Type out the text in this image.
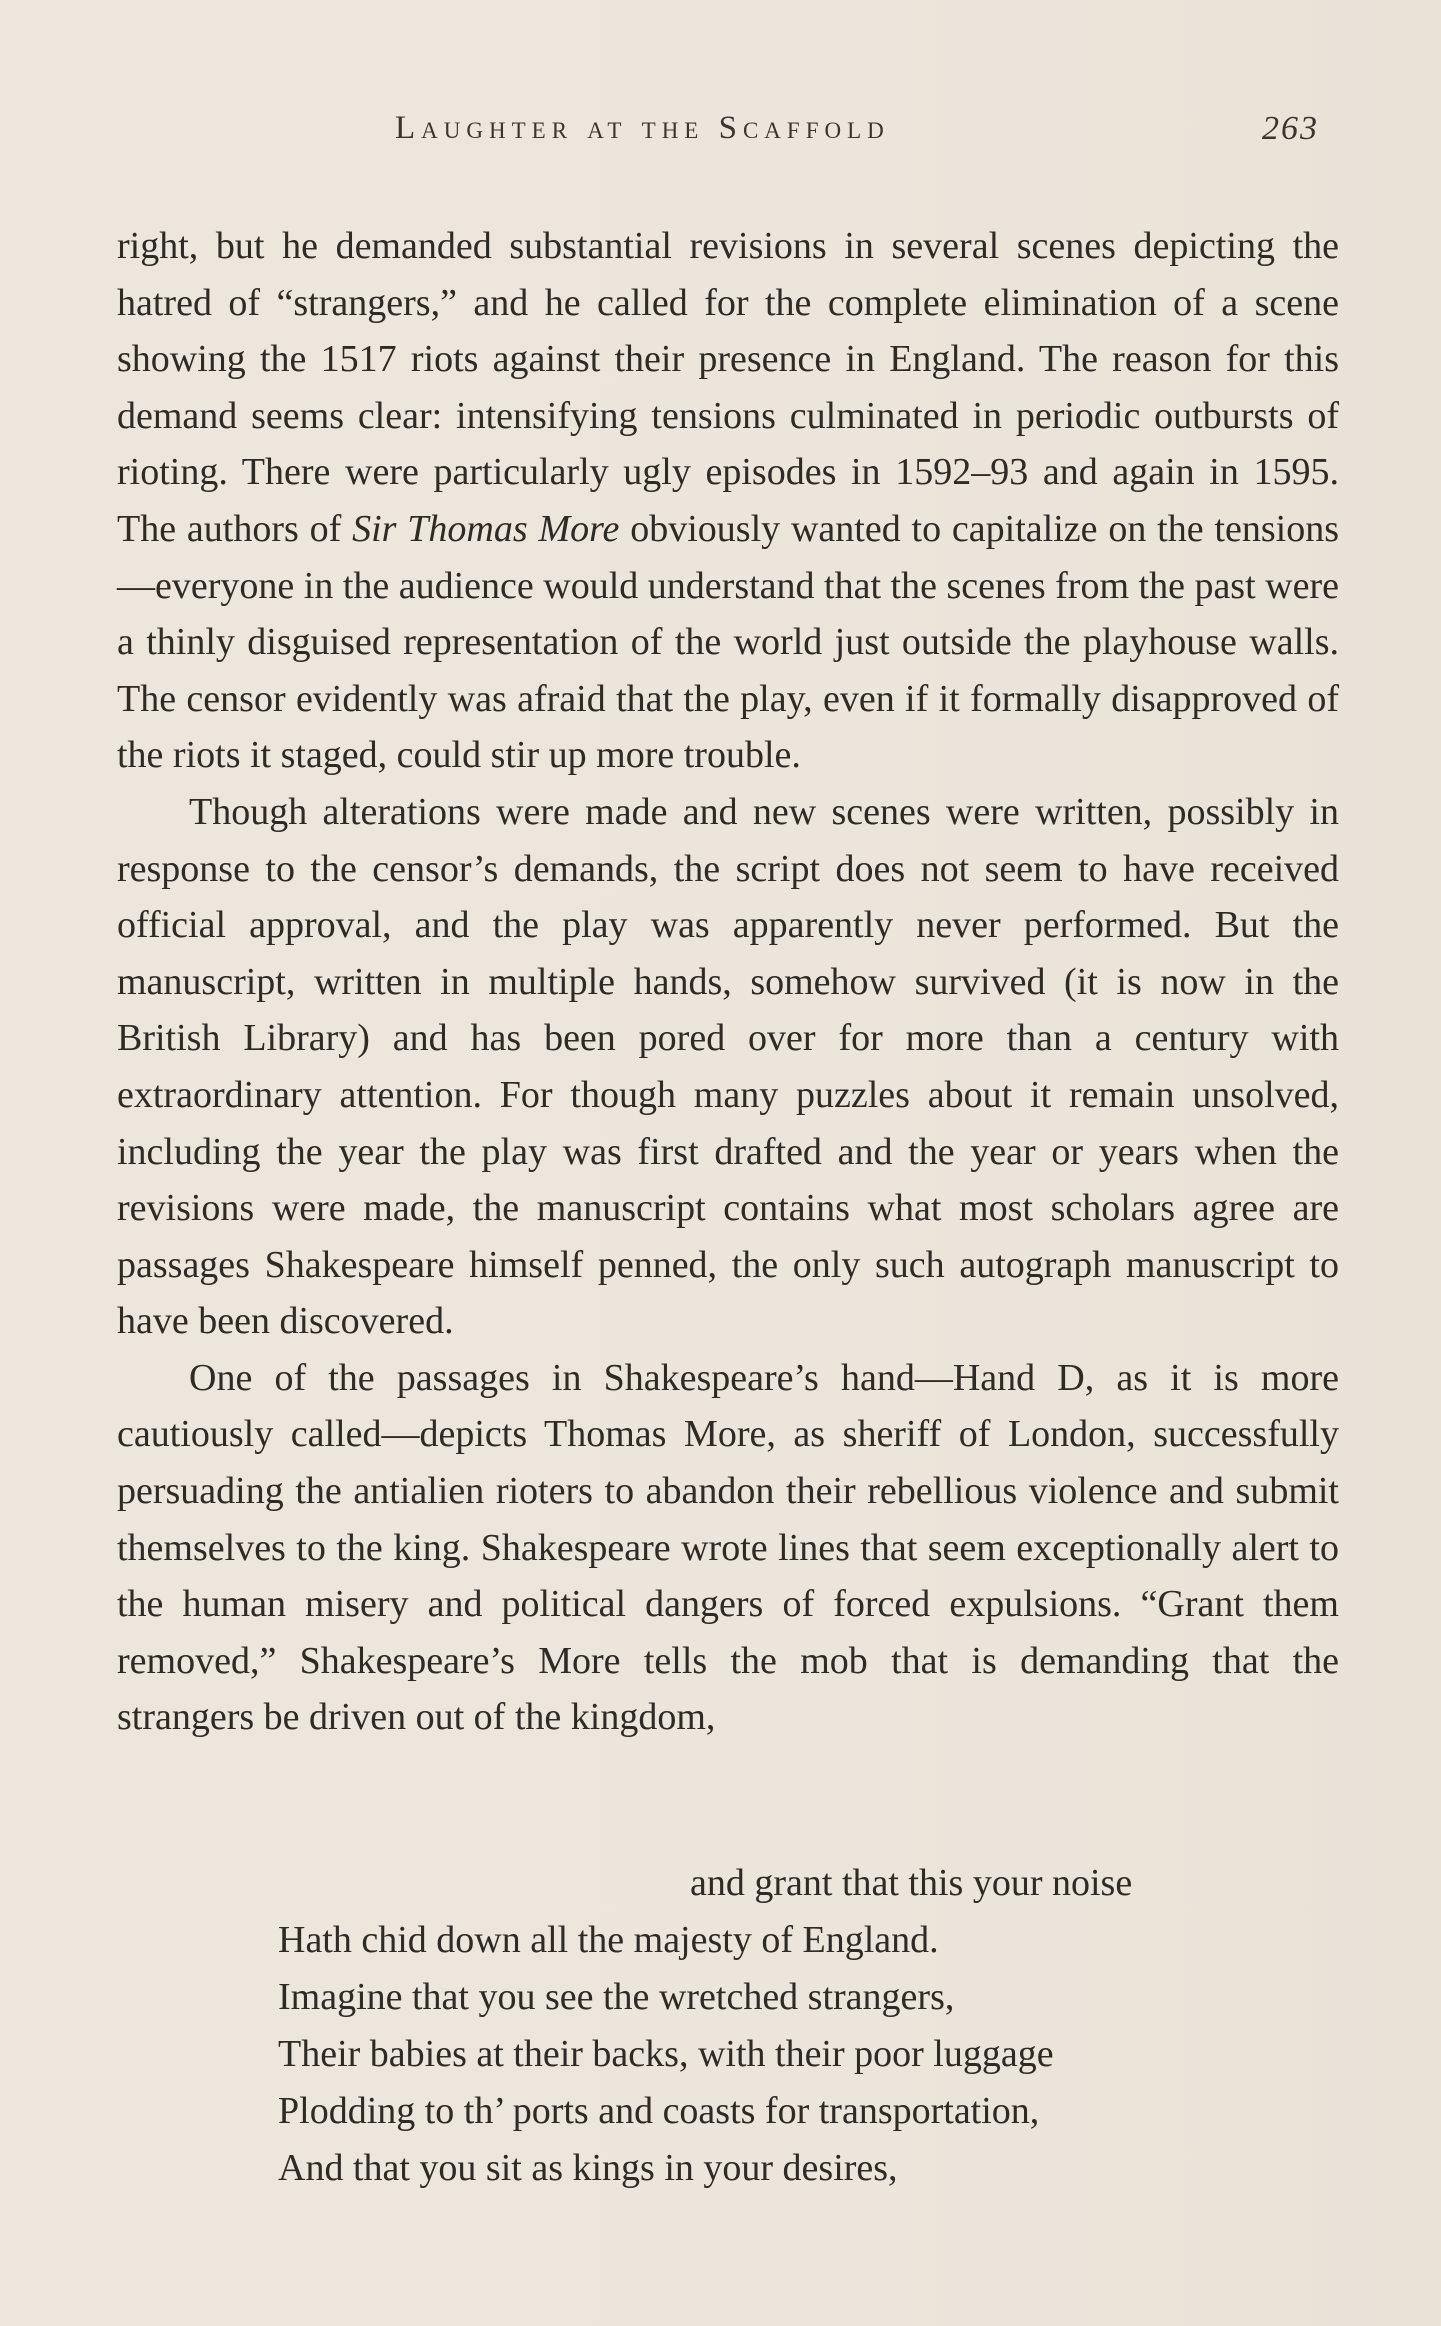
Laughter at the Scaffold	263

right, but he demanded substantial revisions in several scenes depicting the hatred of “strangers,” and he called for the complete elimination of a scene showing the 1517 riots against their presence in England. The reason for this demand seems clear: intensifying tensions culminated in periodic outbursts of rioting. There were particularly ugly episodes in 1592–93 and again in 1595. The authors of Sir Thomas More obviously wanted to capitalize on the tensions—everyone in the audience would understand that the scenes from the past were a thinly disguised representation of the world just outside the playhouse walls. The censor evidently was afraid that the play, even if it formally disapproved of the riots it staged, could stir up more trouble.

Though alterations were made and new scenes were written, possibly in response to the censor’s demands, the script does not seem to have received official approval, and the play was apparently never performed. But the manuscript, written in multiple hands, somehow survived (it is now in the British Library) and has been pored over for more than a century with extraordinary attention. For though many puzzles about it remain unsolved, including the year the play was first drafted and the year or years when the revisions were made, the manuscript contains what most scholars agree are passages Shakespeare himself penned, the only such autograph manuscript to have been discovered.

One of the passages in Shakespeare’s hand—Hand D, as it is more cautiously called—depicts Thomas More, as sheriff of London, successfully persuading the antialien rioters to abandon their rebellious violence and submit themselves to the king. Shakespeare wrote lines that seem exceptionally alert to the human misery and political dangers of forced expulsions. “Grant them removed,” Shakespeare’s More tells the mob that is demanding that the strangers be driven out of the kingdom,

and grant that this your noise
Hath chid down all the majesty of England.
Imagine that you see the wretched strangers,
Their babies at their backs, with their poor luggage
Plodding to th’ ports and coasts for transportation,
And that you sit as kings in your desires,
